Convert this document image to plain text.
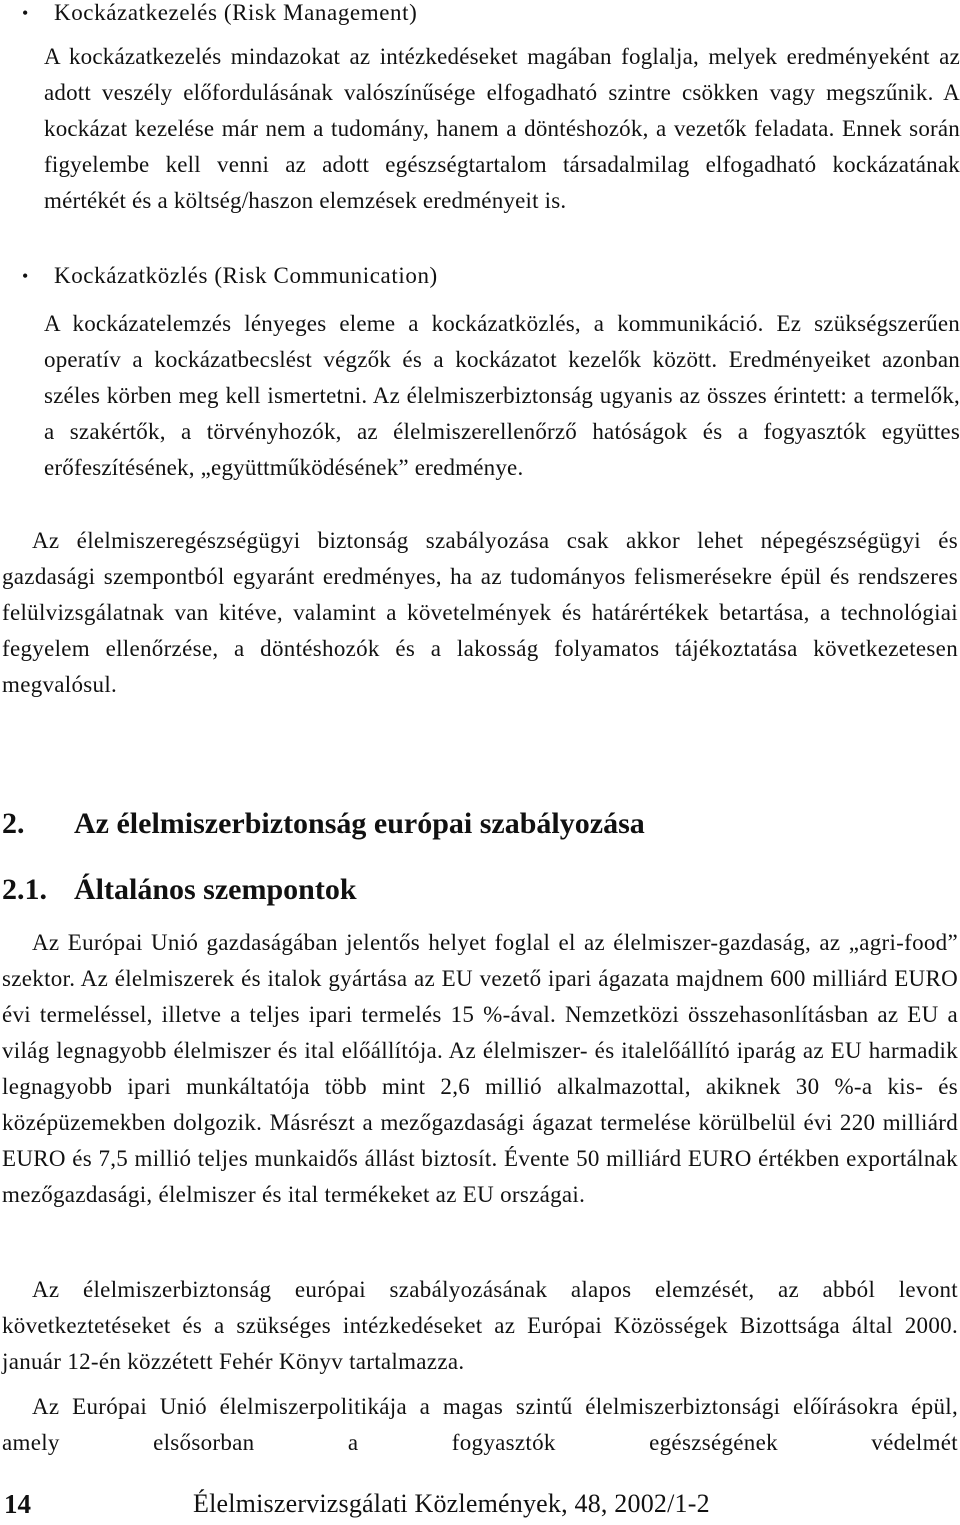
• Kockázatkezelés (Risk Management)

A kockázatkezelés mindazokat az intézkedéseket magában foglalja, melyek eredményeként az adott veszély előfordulásának valószínűsége elfogadható szintre csökken vagy megszűnik. A kockázat kezelése már nem a tudomány, hanem a döntéshozók, a vezetők feladata. Ennek során figyelembe kell venni az adott egészségtartalom társadalmilag elfogadható kockázatának mértékét és a költség/haszon elemzések eredményeit is.

• Kockázatközlés (Risk Communication)

A kockázatelemzés lényeges eleme a kockázatközlés, a kommunikáció. Ez szükségszerűen operatív a kockázatbecslést végzők és a kockázatot kezelők között. Eredményeiket azonban széles körben meg kell ismertetni. Az élelmiszerbiztonság ugyanis az összes érintett: a termelők, a szakértők, a törvényhozók, az élelmiszerellenőrző hatóságok és a fogyasztók együttes erőfeszítésének, „együttműködésének” eredménye.

Az élelmiszeregészségügyi biztonság szabályozása csak akkor lehet népegészségügyi és gazdasági szempontból egyaránt eredményes, ha az tudományos felismerésekre épül és rendszeres felülvizsgálatnak van kitéve, valamint a követelmények és határértékek betartása, a technológiai fegyelem ellenőrzése, a döntéshozók és a lakosság folyamatos tájékoztatása következetesen megvalósul.

2.	Az élelmiszerbiztonság európai szabályozása
2.1. Általános szempontok

Az Európai Unió gazdaságában jelentős helyet foglal el az élelmiszer-gazdaság, az „agri-food” szektor. Az élelmiszerek és italok gyártása az EU vezető ipari ágazata majdnem 600 milliárd EURO évi termeléssel, illetve a teljes ipari termelés 15 %-ával. Nemzetközi összehasonlításban az EU a világ legnagyobb élelmiszer és ital előállítója. Az élelmiszer- és italelőállító iparág az EU harmadik legnagyobb ipari munkáltatója több mint 2,6 millió alkalmazottal, akiknek 30 %-a kis- és középüzemekben dolgozik. Másrészt a mezőgazdasági ágazat termelése körülbelül évi 220 milliárd EURO és 7,5 millió teljes munkaidős állást biztosít. Évente 50 milliárd EURO értékben exportálnak mezőgazdasági, élelmiszer és ital termékeket az EU országai.

Az élelmiszerbiztonság európai szabályozásának alapos elemzését, az abból levont következtetéseket és a szükséges intézkedéseket az Európai Közösségek Bizottsága által 2000. január 12-én közzétett Fehér Könyv tartalmazza.

Az Európai Unió élelmiszerpolitikája a magas szintű élelmiszerbiztonsági előírásokra épül, amely elsősorban a fogyasztók egészségének védelmét

14	Élelmiszervizsgálati Közlemények, 48, 2002/1-2
